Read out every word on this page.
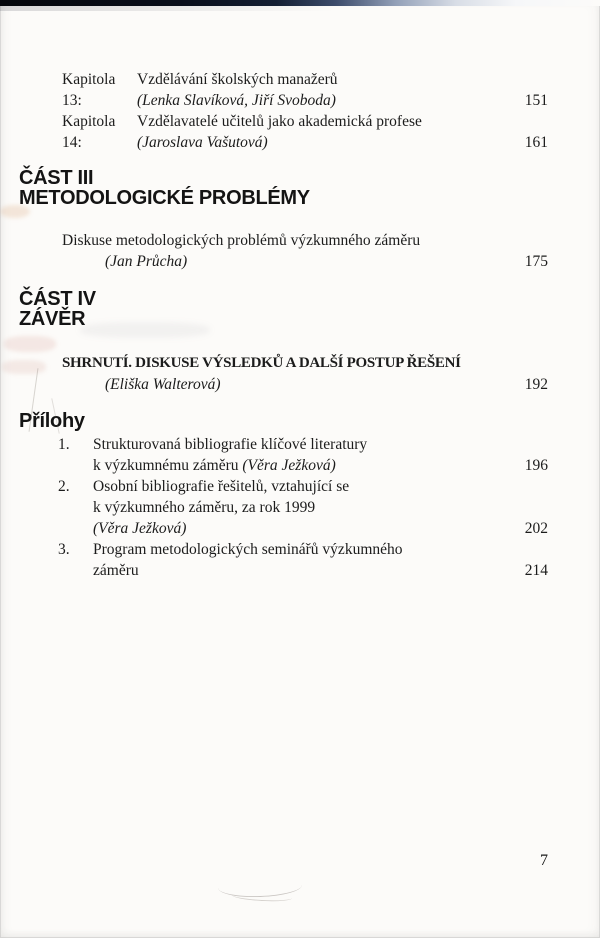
Kapitola 13:
Vzdělávání školských manažerů
(Lenka Slavíková, Jiří Svoboda)	151
Kapitola 14:
Vzdělavatelé učitelů jako akademická profese
(Jaroslava Vašutová)	161
ČÁST III
METODOLOGICKÉ PROBLÉMY
Diskuse metodologických problémů výzkumného záměru
(Jan Průcha)	175
ČÁST IV
ZÁVĚR
SHRNUTÍ. DISKUSE VÝSLEDKŮ A DALŠÍ POSTUP ŘEŠENÍ
(Eliška Walterová)	192
Přílohy
1.	Strukturovaná bibliografie klíčové literatury
k výzkumnému záměru (Věra Ježková)	196
2.	Osobní bibliografie řešitelů, vztahující se
k výzkumného záměru, za rok 1999
(Věra Ježková)	202
3.	Program metodologických seminářů výzkumného
záměru	214
7
